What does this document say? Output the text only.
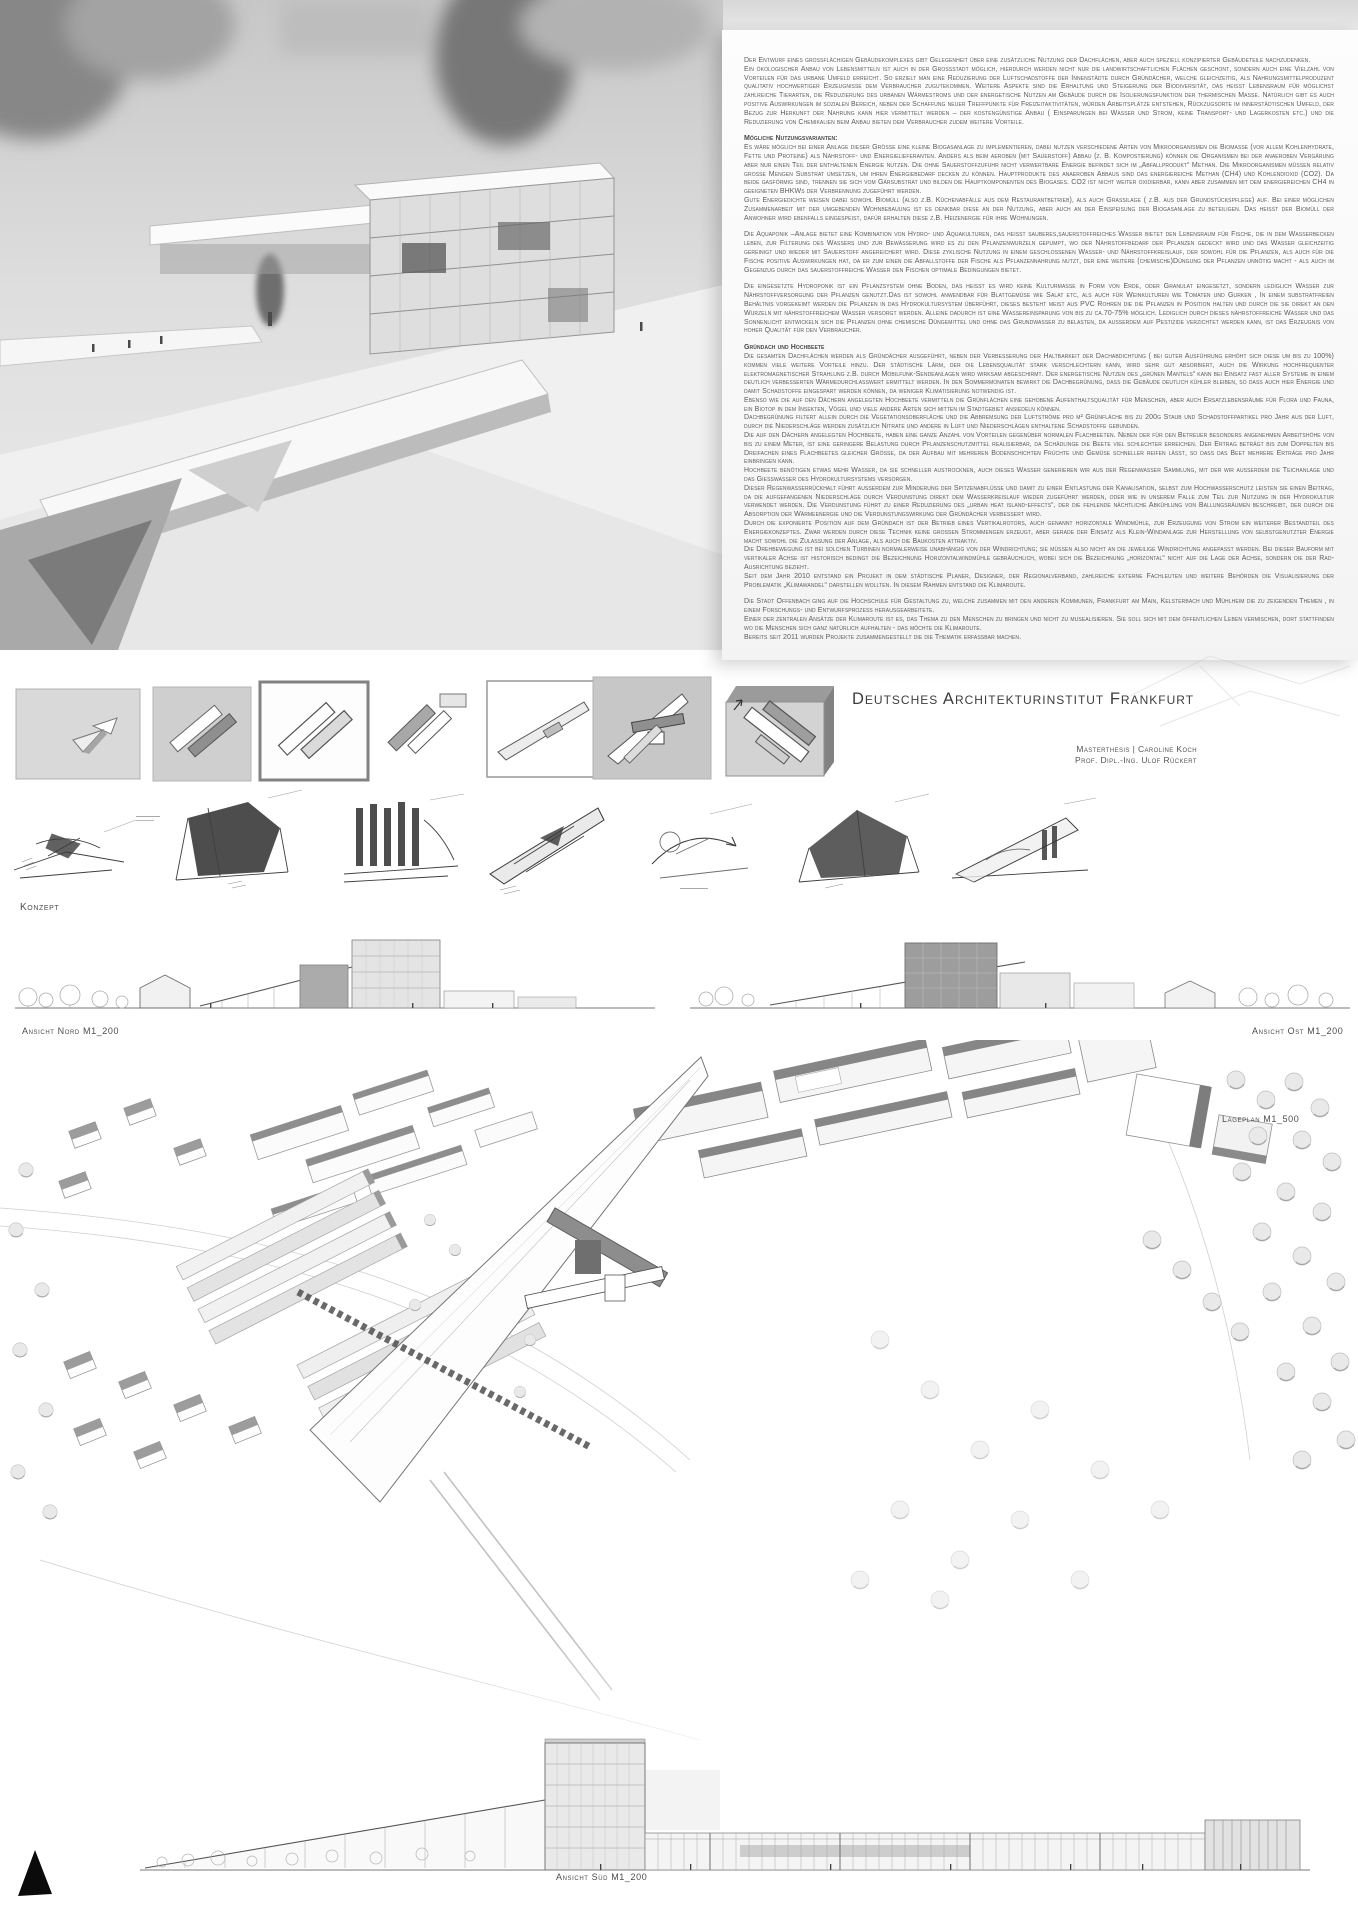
Der Entwurf eines grossflächigen Gebäudekomplexes gibt Gelegenheit über eine zusätzliche Nutzung der Dachflächen, aber auch speziell konzipierter Gebäudeteile nachzudenken.

Ein ökologischer Anbau von Lebensmitteln ist auch in der Grossstadt möglich, hierdurch werden nicht nur die landwirtschaftlichen Flächen geschont, sondern auch eine Vielzahl von Vorteilen für das urbane Umfeld erreicht. So erzielt man eine Reduzierung der Luftschadstoffe der Innenstädte durch Gründächer, welche gleichzeitig, als Nahrungsmittelproduzent qualitativ hochwertiger Erzeugnisse dem Verbraucher zugutekommen. Weitere Aspekte sind die Erhaltung und Steigerung der Biodiversität, das heisst Lebensraum für möglichst zahlreiche Tierarten, die Reduzierung des urbanen Wärmestroms und der energetische Nutzen am Gebäude durch die Isolierungsfunktion der thermischen Masse. Natürlich gibt es auch positive Auswirkungen im sozialen Bereich, neben der Schaffung neuer Treffpunkte für Freizeitaktivitäten, würden Arbeitsplätze entstehen, Rückzugsorte im innerstädtischen Umfeld, der Bezug zur Herkunft der Nahrung kann hier vermittelt werden – der kostengünstige Anbau ( Einsparungen bei Wasser und Strom, keine Transport- und Lagerkosten etc.) und die Reduzierung von Chemikalien beim Anbau bieten dem Verbraucher zudem weitere Vorteile.

Mögliche Nutzungsvarianten:

Es wäre möglich bei einer Anlage dieser Grösse eine kleine Biogasanlage zu implementieren, dabei nutzen verschiedene Arten von Mikroorganismen die Biomasse (vor allem Kohlenhydrate, Fette und Proteine) als Nährstoff- und Energielieferanten. Anders als beim aeroben (mit Sauerstoff) Abbau (z. B. Kompostierung) können die Organismen bei der anaeroben Vergärung aber nur einen Teil der enthaltenen Energie nutzen. Die ohne Sauerstoffzufuhr nicht verwertbare Energie befindet sich im „Abfallprodukt“ Methan. Die Mikroorganismen müssen relativ grosse Mengen Substrat umsetzen, um ihren Energiebedarf decken zu können. Hauptprodukte des anaeroben Abbaus sind das energiereiche Methan (CH4) und Kohlendioxid (CO2). Da beide gasförmig sind, trennen sie sich vom Gärsubstrat und bilden die Hauptkomponenten des Biogases. CO2 ist nicht weiter oxidierbar, kann aber zusammen mit dem energiereichen CH4 in geeigneten BHKWs der Verbrennung zugeführt werden.

Gute Energiedichte weisen dabei sowohl Biomüll (also z.B. Küchenabfälle aus dem Restaurantbetrieb), als auch Grassilage ( z.B. aus der Grundstückspflege) auf. Bei einer möglichen Zusammenarbeit mit der umgebenden Wohnbebauung ist es denkbar diese an der Nutzung, aber auch an der Einspeisung der Biogasanlage zu beteiligen. Das heisst der Biomüll der Anwohner wird ebenfalls eingespeist, dafür erhalten diese z.B. Heizenergie für ihre Wohnungen.

Die Aquaponik –Anlage bietet eine Kombination von Hydro- und Aquakulturen, das heisst sauberes,sauerstoffreiches Wasser bietet den Lebensraum für Fische, die in dem Wasserbecken leben, zur Filterung des Wassers und zur Bewässerung wird es zu den Pflanzenwurzeln gepumpt, wo der Nährstoffbedarf der Pflanzen gedeckt wird und das Wasser gleichzeitig gereinigt und wieder mit Sauerstoff angereichert wird. Diese zyklische Nutzung in einem geschlossenen Wasser- und Nährstoffkreislauf, der sowohl für die Pflanzen, als auch für die Fische positive Auswirkungen hat, da er zum einen die Abfallstoffe der Fische als Pflanzennahrung nutzt, der eine weitere (chemische)Düngung der Pflanzen unnötig macht - als auch im Gegenzug durch das sauerstoffreiche Wasser den Fischen optimale Bedingungen bietet.

Die eingesetzte Hydroponik ist ein Pflanzsystem ohne Boden, das heisst es wird keine Kulturmasse in Form von Erde, oder Granulat eingesetzt, sondern lediglich Wasser zur Nährstoffversorgung der Pflanzen genutzt.Das ist sowohl anwendbar für Blattgemüse wie Salat etc, als auch für Weinkulturen wie Tomaten und Gurken , In einem substratfreien Behältnis vorgekeimt werden die Pflanzen in das Hydrokultursystem überführt, dieses besteht meist aus PVC Rohren die die Pflanzen in Position halten und durch die sie direkt an den Wurzeln mit nährstoffreichem Wasser versorgt werden. Alleine dadurch ist eine Wassereinsparung von bis zu ca.70-75% möglich. Lediglich durch dieses nährstoffreiche Wasser und das Sonnenlicht entwickeln sich die Pflanzen ohne chemische Düngemittel und ohne das Grundwasser zu belasten, da ausserdem auf Pestizide verzichtet werden kann, ist das Erzeugnis von hoher Qualität für den Verbraucher.

Gründach und Hochbeete

Die gesamten Dachflächen werden als Gründächer ausgeführt, neben der Verbesserung der Haltbarkeit der Dachabdichtung ( bei guter Ausführung erhöht sich diese um bis zu 100%) kommen viele weitere Vorteile hinzu. Der städtische Lärm, der die Lebensqualität stark verschlechtern kann, wird sehr gut absorbiert, auch die Wirkung hochfrequenter elektromagnetischer Strahlung z.B. durch Mobilfunk-Sendeanlagen wird wirksam abgeschirmt. Der energetische Nutzen des „grünen Mantels“ kann bei Einsatz fast aller Systeme in einem deutlich verbesserten Wärmedurchlasswert ermittelt werden. In den Sommermonaten bewirkt die Dachbegrünung, dass die Gebäude deutlich kühler bleiben, so dass auch hier Energie und damit Schadstoffe eingespart werden können, da weniger Klimatisierung notwendig ist.

Ebenso wie die auf den Dächern angelegten Hochbeete vermitteln die Grünflächen eine gehobene Aufenthaltsqualität für Menschen, aber auch Ersatzlebensräume für Flora und Fauna, ein Biotop in dem Insekten, Vögel und viele andere Arten sich mitten im Stadtgebiet ansiedeln können.

Dachbegrünung filtert allein durch die Vegetationsoberfläche und die Abbremsung der Luftströme pro m² Grünfläche bis zu 200g Staub und Schadstoffpartikel pro Jahr aus der Luft, durch die Niederschläge werden zusätzlich Nitrate und andere in Luft und Niederschlägen enthaltene Schadstoffe gebunden.

Die auf den Dächern angelegten Hochbeete, haben eine ganze Anzahl von Vorteilen gegenüber normalen Flachbeeten. Neben der für den Betreuer besonders angenehmen Arbeitshöhe von bis zu einem Meter, ist eine geringere Belastung durch Pflanzenschutzmittel realisierbar, da Schädlinge die Beete viel schlechter erreichen. Der Ertrag beträgt bis zum Doppelten bis Dreifachen eines Flachbeetes gleicher Grösse, da der Aufbau mit mehreren Bodenschichten Früchte und Gemüse schneller reifen lässt, so dass das Beet mehrere Erträge pro Jahr einbringen kann.

Hochbeete benötigen etwas mehr Wasser, da sie schneller austrocknen, auch dieses Wasser generieren wir aus der Regenwasser Sammlung, mit der wir ausserdem die Teichanlage und das Giesswasser des Hydrokultursystems versorgen.

Dieser Regenwasserrückhalt führt ausserdem zur Minderung der Spitzenabflüsse und damit zu einer Entlastung der Kanalisation, selbst zum Hochwasserschutz leisten sie einen Beitrag, da die aufgefangenen Niederschläge durch Verdunstung direkt dem Wasserkreislauf wieder zugeführt werden, oder wie in unserem Falle zum Teil zur Nutzung in der Hydrokultur verwendet werden. Die Verdunstung führt zu einer Reduzierung des „urban heat island-effects“, der die fehlende nächtliche Abkühlung von Ballungsräumen beschreibt, der durch die Absorption der Wärmeenergie und die Verdunstungswirkung der Gründächer verbessert wird.

Durch die exponierte Position auf dem Gründach ist der Betrieb eines Vertikalrotors, auch genannt horizontale Windmühle, zur Erzeugung von Strom ein weiterer Bestandteil des Energiekonzeptes. Zwar werden durch diese Technik keine grossen Strommengen erzeugt, aber gerade der Einsatz als Klein-Windanlage zur Herstellung von selbstgenutzter Energie macht sowohl die Zulassung der Anlage, als auch die Baukosten attraktiv.

Die Drehbewegung ist bei solchen Turbinen normalerweise unabhängig von der Windrichtung; sie müssen also nicht an die jeweilige Windrichtung angepasst werden. Bei dieser Bauform mit vertikaler Achse ist historisch bedingt die Bezeichnung Horizontalwindmühle gebräuchlich, wobei sich die Bezeichnung „horizontal“ nicht auf die Lage der Achse, sondern die der Rad-Ausrichtung bezieht.

Seit dem Jahr 2010 entstand ein Projekt in dem städtische Planer, Designer, der Regionalverband, zahlreiche externe Fachleuten und weitere Behörden die Visualisierung der Problematik „Klimawandel“ darstellen wollten. In diesem Rahmen entstand die Klimaroute.

Die Stadt Offenbach ging auf die Hochschule für Gestaltung zu, welche zusammen mit den anderen Kommunen, Frankfurt am Main, Kelsterbach und Mühlheim die zu zeigenden Themen , in einem Forschungs- und Entwurfsprozess herausgearbeitete.

Einer der zentralen Ansätze der Klimaroute ist es, das Thema zu den Menschen zu bringen und nicht zu musealisieren. Sie soll sich mit dem öffentlichen Leben vermischen, dort stattfinden wo die Menschen sich ganz natürlich aufhalten - das möchte die Klimaroute.

Bereits seit 2011 wurden Projekte zusammengestellt die die Thematik erfassbar machen.

Deutsches Architekturinstitut Frankfurt
Masterthesis | Caroline Koch
Prof. Dipl.-Ing. Ulof Rückert
Konzept
Ansicht Nord M1_200	Ansicht Ost M1_200
Lageplan M1_500
Ansicht Süd M1_200
